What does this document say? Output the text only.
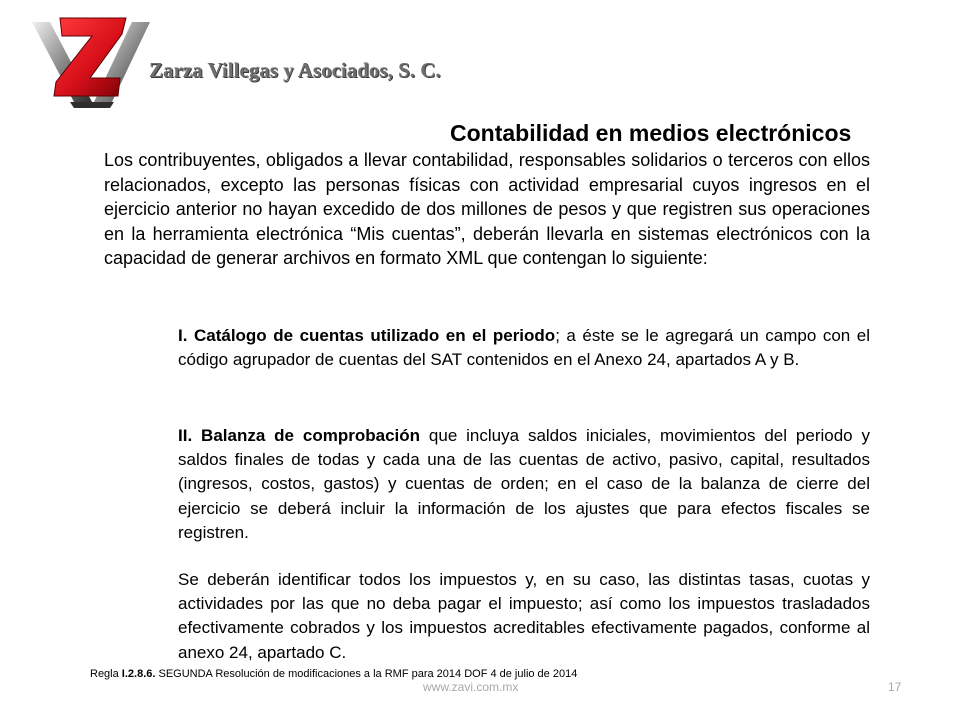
Zarza Villegas y Asociados, S. C.
Contabilidad en medios electrónicos

Los contribuyentes, obligados a llevar contabilidad, responsables solidarios o terceros con ellos relacionados, excepto las personas físicas con actividad empresarial cuyos ingresos en el ejercicio anterior no hayan excedido de dos millones de pesos y que registren sus operaciones en la herramienta electrónica “Mis cuentas”, deberán llevarla en sistemas electrónicos con la capacidad de generar archivos en formato XML que contengan lo siguiente:

I. Catálogo de cuentas utilizado en el periodo; a éste se le agregará un campo con el código agrupador de cuentas del SAT contenidos en el Anexo 24, apartados A y B.

II. Balanza de comprobación que incluya saldos iniciales, movimientos del periodo y saldos finales de todas y cada una de las cuentas de activo, pasivo, capital, resultados (ingresos, costos, gastos) y cuentas de orden; en el caso de la balanza de cierre del ejercicio se deberá incluir la información de los ajustes que para efectos fiscales se registren.

Se deberán identificar todos los impuestos y, en su caso, las distintas tasas, cuotas y actividades por las que no deba pagar el impuesto; así como los impuestos trasladados efectivamente cobrados y los impuestos acreditables efectivamente pagados, conforme al anexo 24, apartado C.

Regla I.2.8.6. SEGUNDA Resolución de modificaciones a la RMF para 2014 DOF 4 de julio de 2014
www.zavi.com.mx	17
